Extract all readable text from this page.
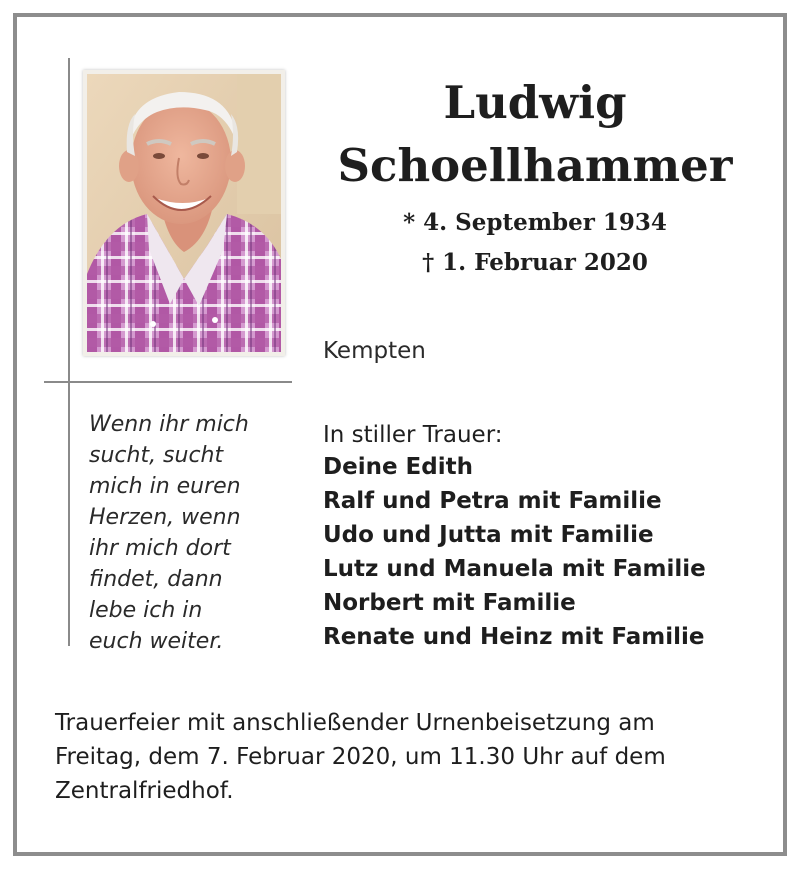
Ludwig
Schoellhammer
* 4. September 1934
† 1. Februar 2020
Kempten
Wenn ihr mich
sucht, sucht
mich in euren
Herzen, wenn
ihr mich dort
findet, dann
lebe ich in
euch weiter.
In stiller Trauer:
Deine Edith
Ralf und Petra mit Familie
Udo und Jutta mit Familie
Lutz und Manuela mit Familie
Norbert mit Familie
Renate und Heinz mit Familie
Trauerfeier mit anschließender Urnenbeisetzung am
Freitag, dem 7. Februar 2020, um 11.30 Uhr auf dem
Zentralfriedhof.
